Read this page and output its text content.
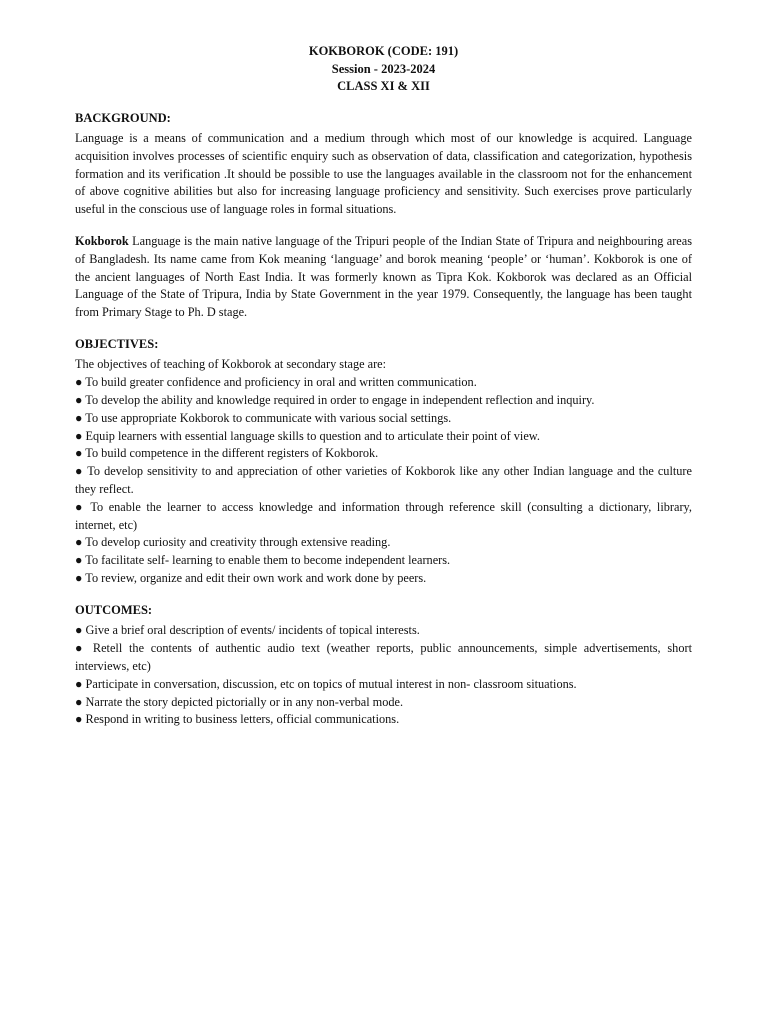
KOKBOROK (CODE: 191)
Session - 2023-2024
CLASS XI & XII
BACKGROUND:

Language is a means of communication and a medium through which most of our knowledge is acquired. Language acquisition involves processes of scientific enquiry such as observation of data, classification and categorization, hypothesis formation and its verification .It should be possible to use the languages available in the classroom not for the enhancement of above cognitive abilities but also for increasing language proficiency and sensitivity. Such exercises prove particularly useful in the conscious use of language roles in formal situations.

Kokborok Language is the main native language of the Tripuri people of the Indian State of Tripura and neighbouring areas of Bangladesh. Its name came from Kok meaning ‘language’ and borok meaning ‘people’ or ‘human’. Kokborok is one of the ancient languages of North East India. It was formerly known as Tipra Kok. Kokborok was declared as an Official Language of the State of Tripura, India by State Government in the year 1979. Consequently, the language has been taught from Primary Stage to Ph. D stage.

OBJECTIVES:

The objectives of teaching of Kokborok at secondary stage are:

● To build greater confidence and proficiency in oral and written communication.
● To develop the ability and knowledge required in order to engage in independent reflection and inquiry.
● To use appropriate Kokborok to communicate with various social settings.
● Equip learners with essential language skills to question and to articulate their point of view.
● To build competence in the different registers of Kokborok.
● To develop sensitivity to and appreciation of other varieties of Kokborok like any other Indian language and the culture they reflect.
● To enable the learner to access knowledge and information through reference skill (consulting a dictionary, library, internet, etc)
● To develop curiosity and creativity through extensive reading.
● To facilitate self- learning to enable them to become independent learners.
● To review, organize and edit their own work and work done by peers.
OUTCOMES:
● Give a brief oral description of events/ incidents of topical interests.
● Retell the contents of authentic audio text (weather reports, public announcements, simple advertisements, short interviews, etc)
● Participate in conversation, discussion, etc on topics of mutual interest in non- classroom situations.
● Narrate the story depicted pictorially or in any non-verbal mode.
● Respond in writing to business letters, official communications.
